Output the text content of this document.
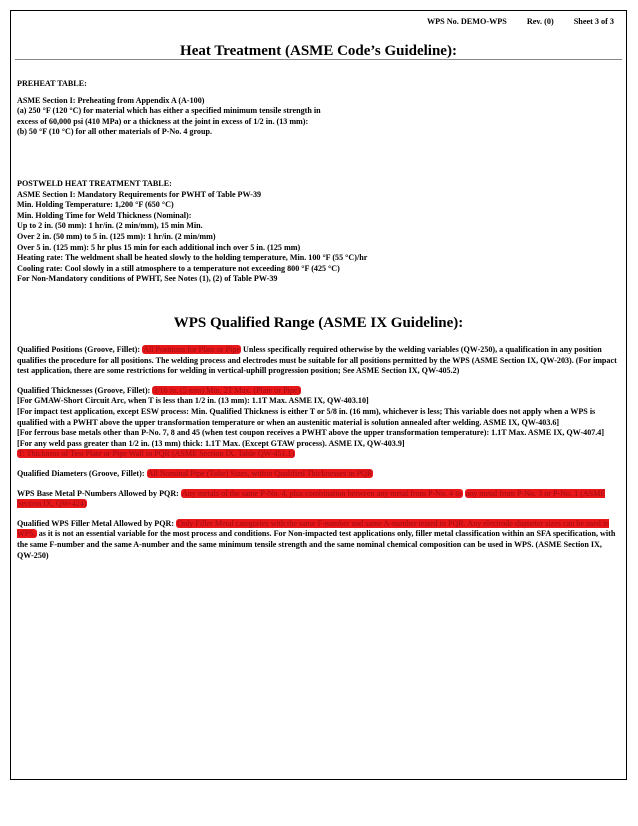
WPS No. DEMO-WPS Rev. (0) Sheet 3 of 3
Heat Treatment (ASME Code’s Guideline):

PREHEAT TABLE:

ASME Section I: Preheating from Appendix A (A-100)

(a) 250 °F (120 °C) for material which has either a specified minimum tensile strength in

excess of 60,000 psi (410 MPa) or a thickness at the joint in excess of 1/2 in. (13 mm):

(b) 50 °F (10 °C) for all other materials of P-No. 4 group.

POSTWELD HEAT TREATMENT TABLE:

ASME Section I: Mandatory Requirements for PWHT of Table PW-39

Min. Holding Temperature: 1,200 °F (650 °C)

Min. Holding Time for Weld Thickness (Nominal):

Up to 2 in. (50 mm): 1 hr/in. (2 min/mm), 15 min Min.

Over 2 in. (50 mm) to 5 in. (125 mm): 1 hr/in. (2 min/mm)

Over 5 in. (125 mm): 5 hr plus 15 min for each additional inch over 5 in. (125 mm)

Heating rate: The weldment shall be heated slowly to the holding temperature, Min. 100 °F (55 °C)/hr

Cooling rate: Cool slowly in a still atmosphere to a temperature not exceeding 800 °F (425 °C)

For Non-Mandatory conditions of PWHT, See Notes (1), (2) of Table PW-39

WPS Qualified Range (ASME IX Guideline):

Qualified Positions (Groove, Fillet): All Positions for Plate or Pipe Unless specifically required otherwise by the welding variables (QW-250), a qualification in any position qualifies the procedure for all positions. The welding process and electrodes must be suitable for all positions permitted by the WPS (ASME Section IX, QW-203). (For impact test application, there are some restrictions for welding in vertical-uphill progression position; See ASME Section IX, QW-405.2)

Qualified Thicknesses (Groove, Fillet): 3/16 in. (5 mm) Min. 2T Max. (Plate or Pipe)

[For GMAW-Short Circuit Arc, when T is less than 1/2 in. (13 mm): 1.1T Max. ASME IX, QW-403.10]

[For impact test application, except ESW process: Min. Qualified Thickness is either T or 5/8 in. (16 mm), whichever is less; This variable does not apply when a WPS is qualified with a PWHT above the upper transformation temperature or when an austenitic material is solution annealed after welding. ASME IX, QW-403.6]

[For ferrous base metals other than P-No. 7, 8 and 45 (when test coupon receives a PWHT above the upper transformation temperature): 1.1T Max. ASME IX, QW-407.4]

[For any weld pass greater than 1/2 in. (13 mm) thick: 1.1T Max. (Except GTAW process). ASME IX, QW-403.9]

T: Thickness of Test Plate or Pipe Wall in PQR (ASME Section IX, Table QW-451.1)

Qualified Diameters (Groove, Fillet): All Nominal Pipe (Tube) Sizes, within Qualified Thicknesses in PQR

WPS Base Metal P-Numbers Allowed by PQR: Any metals of the same P-No. 4, plus combination between any metal from P-No. 4 to any metal from P-No. 3 or P-No. 1 (ASME Section IX, QW-424)

Qualified WPS Filler Metal Allowed by PQR: Only Filler Metal categories with the same F-number and same A-number tested in PQR. Any electrode diameter sizes can be used in WPS, as it is not an essential variable for the most process and conditions. For Non-impacted test applications only, filler metal classification within an SFA specification, with the same F-number and the same A-number and the same minimum tensile strength and the same nominal chemical composition can be used in WPS. (ASME Section IX, QW-250)
